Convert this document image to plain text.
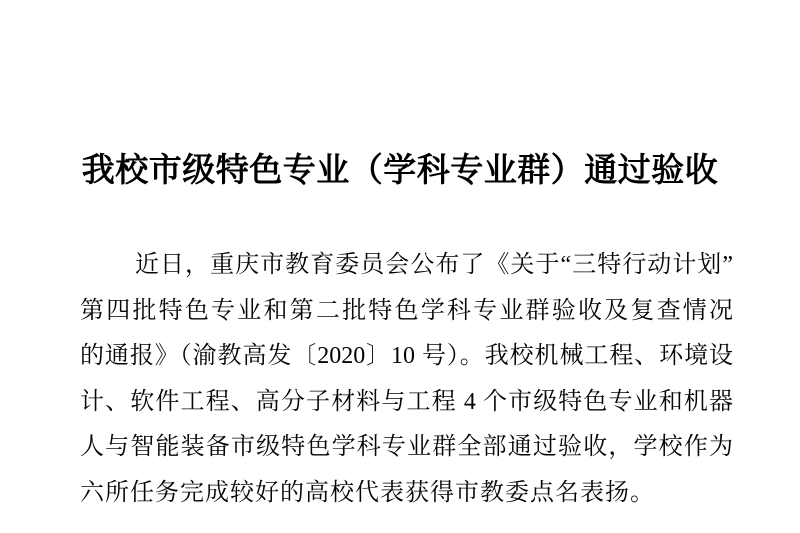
我校市级特色专业（学科专业群）通过验收

近日，重庆市教育委员会公布了《关于“三特行动计划”

第四批特色专业和第二批特色学科专业群验收及复查情况

的通报》（渝教高发〔2020〕10 号）。我校机械工程、环境设

计、软件工程、高分子材料与工程 4 个市级特色专业和机器

人与智能装备市级特色学科专业群全部通过验收，学校作为

六所任务完成较好的高校代表获得市教委点名表扬。
